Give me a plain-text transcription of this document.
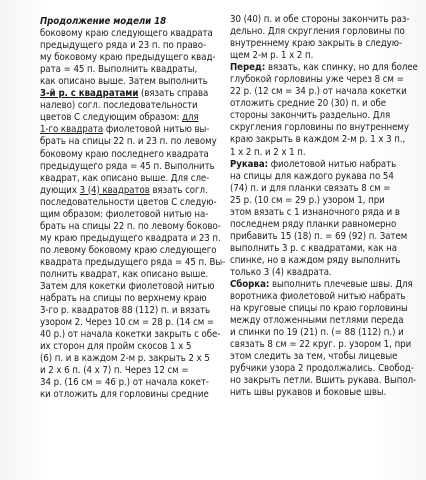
Продолжение модели 18
боковому краю следующего квадрата
предыдущего ряда и 23 п. по право-
му боковому краю предыдущего квад-
рата = 45 п. Выполнить квадраты,
как описано выше. Затем выполнить
3-й р. с квадратами (вязать справа
налево) согл. последовательности
цветов С следующим образом: для
1-го квадрата фиолетовой нитью вы-
брать на спицы 22 п. и 23 п. по левому
боковому краю последнего квадрата
предыдущего ряда = 45 п. Выполнить
квадрат, как описано выше. Для сле-
дующих 3 (4) квадратов вязать согл.
последовательности цветов С следую-
щим образом: фиолетовой нитью на-
брать на спицы 22 п. по левому боково-
му краю предыдущего квадрата и 23 п.
по левому боковому краю следующего
квадрата предыдущего ряда = 45 п. Вы-
полнить квадрат, как описано выше.
Затем для кокетки фиолетовой нитью
набрать на спицы по верхнему краю
3-го р. квадратов 88 (112) п. и вязать
узором 2. Через 10 см = 28 р. (14 см =
40 р.) от начала кокетки закрыть с обе-
их сторон для пройм скосов 1 х 5
(6) п. и в каждом 2-м р. закрыть 2 х 5
и 2 х 6 п. (4 х 7) п. Через 12 см =
34 р. (16 см = 46 р.) от начала кокет-
ки отложить для горловины средние
30 (40) п. и обе стороны закончить раз-
дельно. Для скругления горловины по
внутреннему краю закрыть в следую-
щем 2-м р. 1 х 2 п.
Перед: вязать, как спинку, но для более
глубокой горловины уже через 8 см =
22 р. (12 см = 34 р.) от начала кокетки
отложить средние 20 (30) п. и обе
стороны закончить раздельно. Для
скругления горловины по внутреннему
краю закрыть в каждом 2-м р. 1 х 3 п.,
1 х 2 п. и 2 х 1 п.
Рукава: фиолетовой нитью набрать
на спицы для каждого рукава по 54
(74) п. и для планки связать 8 см =
25 р. (10 см = 29 р.) узором 1, при
этом вязать с 1 изнаночного ряда и в
последнем ряду планки равномерно
прибавить 15 (18) п. = 69 (92) п. Затем
выполнить 3 р. с квадратами, как на
спинке, но в каждом ряду выполнить
только 3 (4) квадрата.
Сборка: выполнить плечевые швы. Для
воротника фиолетовой нитью набрать
на круговые спицы по краю горловины
между отложенными петлями переда
и спинки по 19 (21) п. (= 88 (112) п.) и
связать 8 см = 22 круг. р. узором 1, при
этом следить за тем, чтобы лицевые
рубчики узора 2 продолжались. Свобод-
но закрыть петли. Вшить рукава. Выпол-
нить швы рукавов и боковые швы.
